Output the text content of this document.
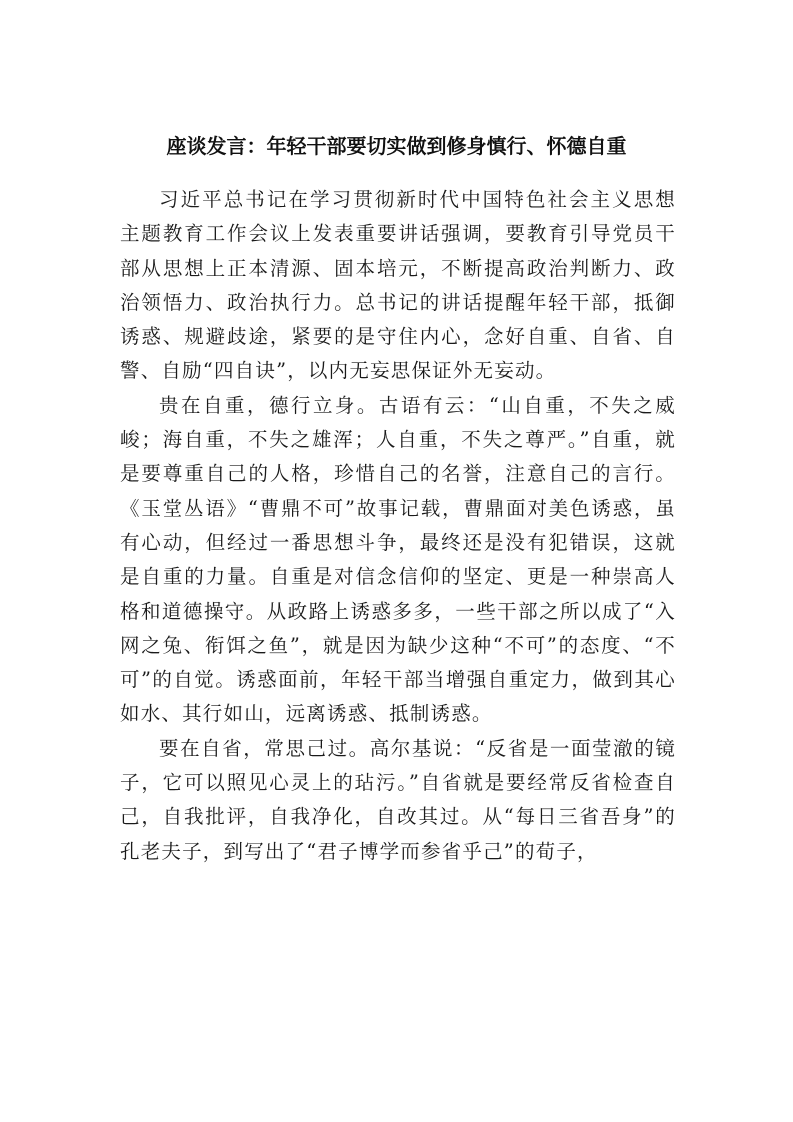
座谈发言：年轻干部要切实做到修身慎行、怀德自重

习近平总书记在学习贯彻新时代中国特色社会主义思想主题教育工作会议上发表重要讲话强调，要教育引导党员干部从思想上正本清源、固本培元，不断提高政治判断力、政治领悟力、政治执行力。总书记的讲话提醒年轻干部，抵御诱惑、规避歧途，紧要的是守住内心，念好自重、自省、自警、自励“四自诀”，以内无妄思保证外无妄动。

贵在自重，德行立身。古语有云：“山自重，不失之威峻；海自重，不失之雄浑；人自重，不失之尊严。”自重，就是要尊重自己的人格，珍惜自己的名誉，注意自己的言行。《玉堂丛语》“曹鼎不可”故事记载，曹鼎面对美色诱惑，虽有心动，但经过一番思想斗争，最终还是没有犯错误，这就是自重的力量。自重是对信念信仰的坚定、更是一种崇高人格和道德操守。从政路上诱惑多多，一些干部之所以成了“入网之兔、衔饵之鱼”，就是因为缺少这种“不可”的态度、“不可”的自觉。诱惑面前，年轻干部当增强自重定力，做到其心如水、其行如山，远离诱惑、抵制诱惑。

要在自省，常思己过。高尔基说：“反省是一面莹澈的镜子，它可以照见心灵上的玷污。”自省就是要经常反省检查自己，自我批评，自我净化，自改其过。从“每日三省吾身”的孔老夫子，到写出了“君子博学而参省乎己”的荀子，
